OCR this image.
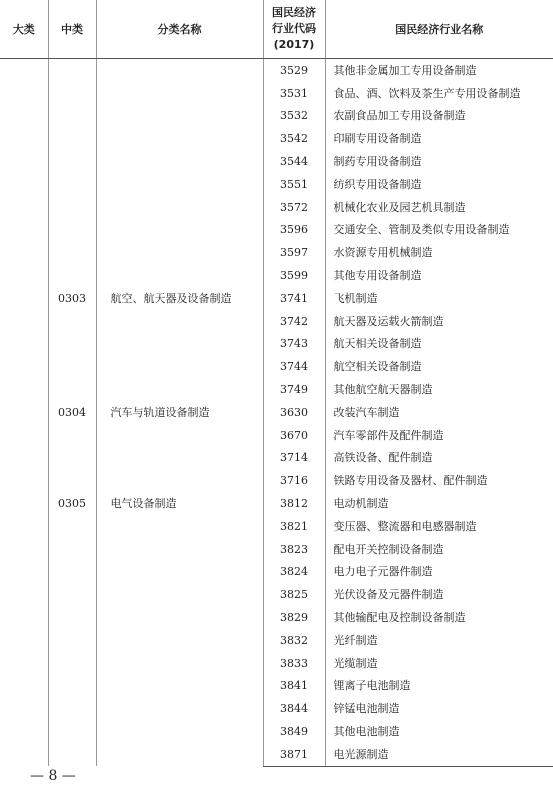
大类	中类	分类名称	国民经济
行业代码
(2017)	国民经济行业名称
			3529	其他非金属加工专用设备制造
			3531	食品、酒、饮料及茶生产专用设备制造
			3532	农副食品加工专用设备制造
			3542	印刷专用设备制造
			3544	制药专用设备制造
			3551	纺织专用设备制造
			3572	机械化农业及园艺机具制造
			3596	交通安全、管制及类似专用设备制造
			3597	水资源专用机械制造
			3599	其他专用设备制造
	0303	航空、航天器及设备制造	3741	飞机制造
			3742	航天器及运载火箭制造
			3743	航天相关设备制造
			3744	航空相关设备制造
			3749	其他航空航天器制造
	0304	汽车与轨道设备制造	3630	改装汽车制造
			3670	汽车零部件及配件制造
			3714	高铁设备、配件制造
			3716	铁路专用设备及器材、配件制造
	0305	电气设备制造	3812	电动机制造
			3821	变压器、整流器和电感器制造
			3823	配电开关控制设备制造
			3824	电力电子元器件制造
			3825	光伏设备及元器件制造
			3829	其他输配电及控制设备制造
			3832	光纤制造
			3833	光缆制造
			3841	锂离子电池制造
			3844	锌锰电池制造
			3849	其他电池制造
			3871	电光源制造
— 8 —
